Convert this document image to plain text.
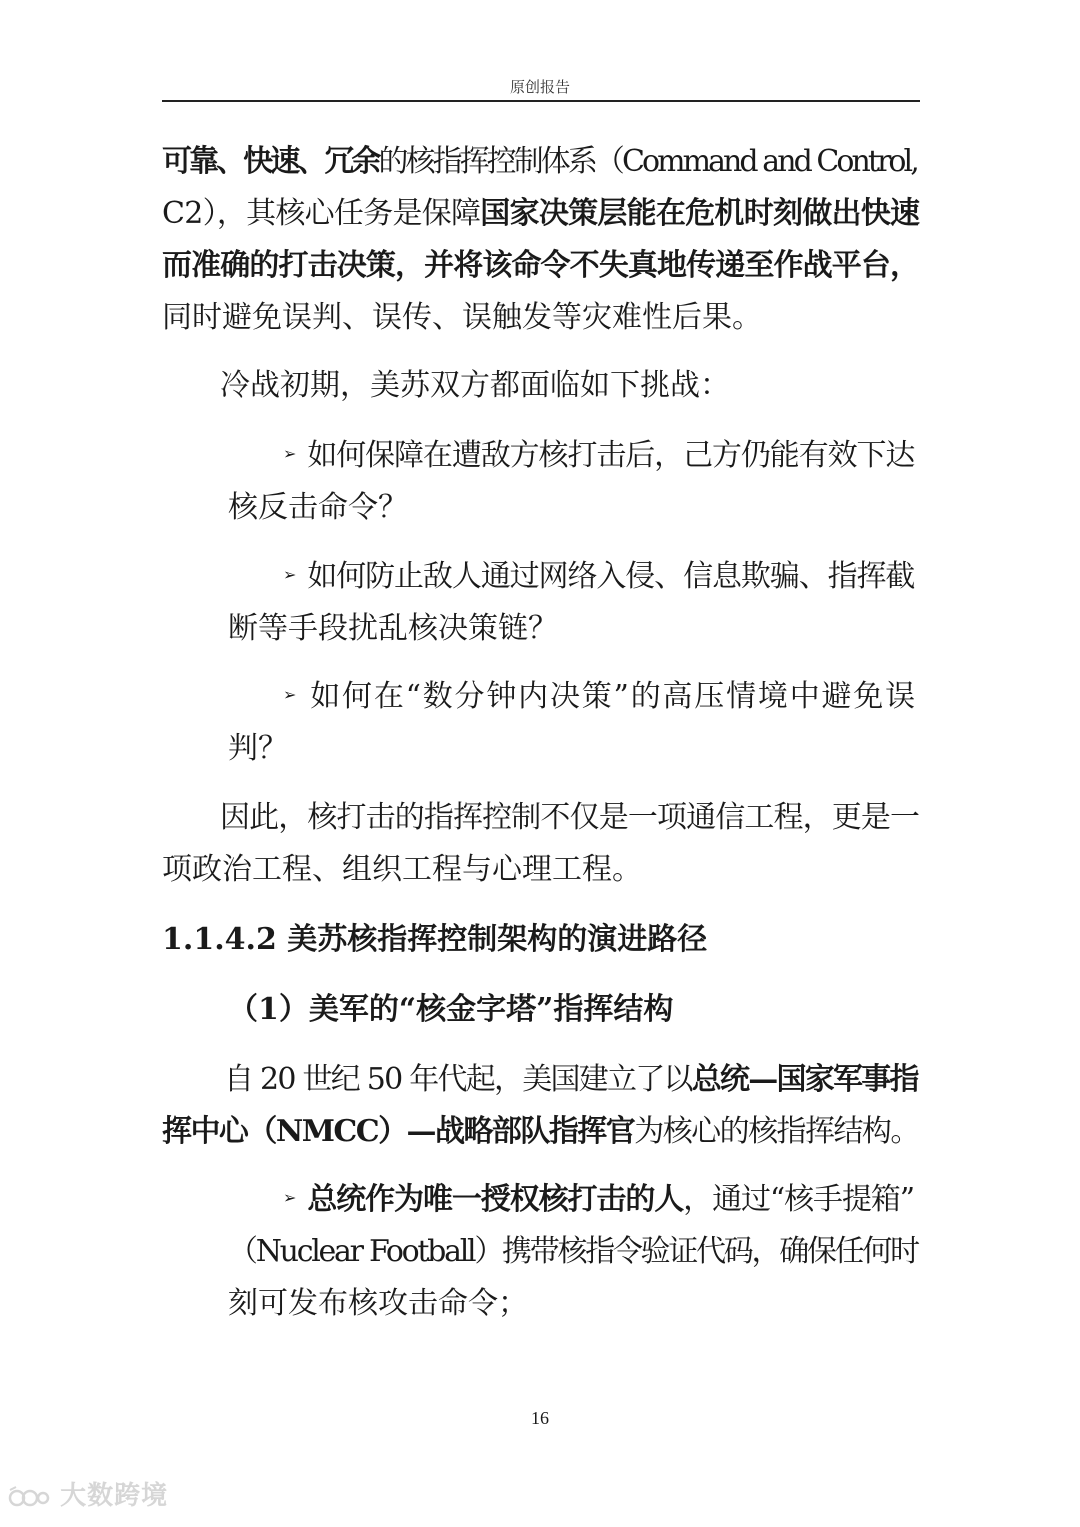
原创报告
可靠、快速、冗余的核指挥控制体系（Command and Control,
C2），其核心任务是保障国家决策层能在危机时刻做出快速
而准确的打击决策，并将该命令不失真地传递至作战平台，
同时避免误判、误传、误触发等灾难性后果。
冷战初期，美苏双方都面临如下挑战：
➢ 如何保障在遭敌方核打击后，己方仍能有效下达
核反击命令？
➢ 如何防止敌人通过网络入侵、信息欺骗、指挥截
断等手段扰乱核决策链？
➢ 如何在“数分钟内决策”的高压情境中避免误
判？
因此，核打击的指挥控制不仅是一项通信工程，更是一
项政治工程、组织工程与心理工程。
1.1.4.2 美苏核指挥控制架构的演进路径
（1）美军的“核金字塔”指挥结构
自 20 世纪 50 年代起，美国建立了以总统—国家军事指
挥中心（NMCC）—战略部队指挥官为核心的核指挥结构。
➢ 总统作为唯一授权核打击的人，通过“核手提箱”
（Nuclear Football）携带核指令验证代码，确保任何时
刻可发布核攻击命令；
16
大数跨境
